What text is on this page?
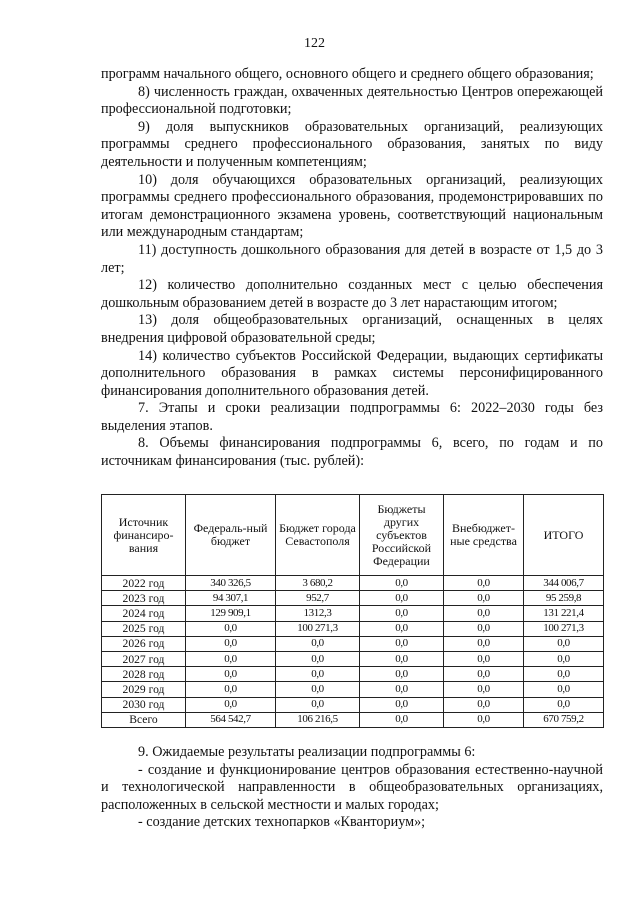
122

программ начального общего, основного общего и среднего общего образования;

8) численность граждан, охваченных деятельностью Центров опережающей профессиональной подготовки;

9) доля выпускников образовательных организаций, реализующих программы среднего профессионального образования, занятых по виду деятельности и полученным компетенциям;

10) доля обучающихся образовательных организаций, реализующих программы среднего профессионального образования, продемонстрировавших по итогам демонстрационного экзамена уровень, соответствующий национальным или международным стандартам;

11) доступность дошкольного образования для детей в возрасте от 1,5 до 3 лет;

12) количество дополнительно созданных мест с целью обеспечения дошкольным образованием детей в возрасте до 3 лет нарастающим итогом;

13) доля общеобразовательных организаций, оснащенных в целях внедрения цифровой образовательной среды;

14) количество субъектов Российской Федерации, выдающих сертификаты дополнительного образования в рамках системы персонифицированного финансирования дополнительного образования детей.

7. Этапы и сроки реализации подпрограммы 6: 2022–2030 годы без выделения этапов.

8. Объемы финансирования подпрограммы 6, всего, по годам и по источникам финансирования (тыс. рублей):

Источник финансиро-вания	Федераль-ный бюджет	Бюджет города Севастополя	Бюджеты других субъектов Российской Федерации	Внебюджет-ные средства	ИТОГО
2022 год	340 326,5	3 680,2	0,0	0,0	344 006,7
2023 год	94 307,1	952,7	0,0	0,0	95 259,8
2024 год	129 909,1	1312,3	0,0	0,0	131 221,4
2025 год	0,0	100 271,3	0,0	0,0	100 271,3
2026 год	0,0	0,0	0,0	0,0	0,0
2027 год	0,0	0,0	0,0	0,0	0,0
2028 год	0,0	0,0	0,0	0,0	0,0
2029 год	0,0	0,0	0,0	0,0	0,0
2030 год	0,0	0,0	0,0	0,0	0,0
Всего	564 542,7	106 216,5	0,0	0,0	670 759,2

9. Ожидаемые результаты реализации подпрограммы 6:

- создание и функционирование центров образования естественно-научной и технологической направленности в общеобразовательных организациях, расположенных в сельской местности и малых городах;

- создание детских технопарков «Кванториум»;
